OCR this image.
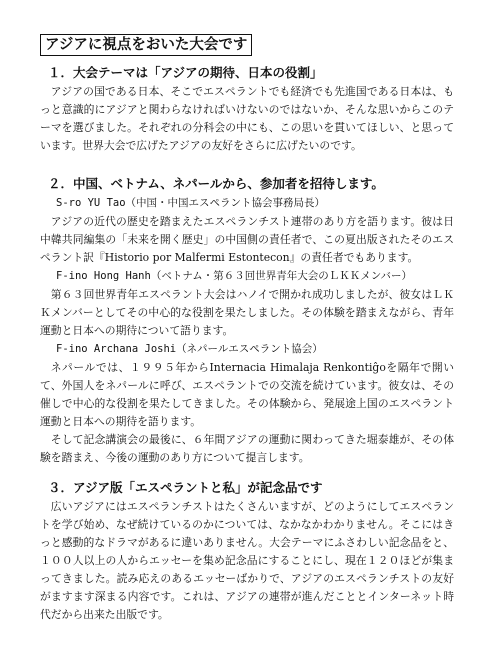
アジアに視点をおいた大会です
１．大会テーマは「アジアの期待、日本の役割」

アジアの国である日本、そこでエスペラントでも経済でも先進国である日本は、もっと意識的にアジアと関わらなければいけないのではないか、そんな思いからこのテーマを選びました。それぞれの分科会の中にも、この思いを貫いてほしい、と思っています。世界大会で広げたアジアの友好をさらに広げたいのです。

２．中国、ベトナム、ネパールから、参加者を招待します。
S-ro YU Tao（中国・中国エスペラント協会事務局長）

アジアの近代の歴史を踏まえたエスペランチスト連帯のあり方を語ります。彼は日中韓共同編集の「未来を開く歴史」の中国側の責任者で、この夏出版されたそのエスペラント訳『Historio por Malfermi Estontecon』の責任者でもあります。

F-ino Hong Hanh（ベトナム・第６３回世界青年大会のＬＫＫメンバー）

第６３回世界青年エスペラント大会はハノイで開かれ成功しましたが、彼女はＬＫＫメンバーとしてその中心的な役割を果たしました。その体験を踏まえながら、青年運動と日本への期待について語ります。

F-ino Archana Joshi（ネパールエスペラント協会）

ネパールでは、１９９５年からInternacia Himalaja Renkontiĝoを隔年で開いて、外国人をネパールに呼び、エスペラントでの交流を続けています。彼女は、その催しで中心的な役割を果たしてきました。その体験から、発展途上国のエスペラント運動と日本への期待を語ります。

そして記念講演会の最後に、６年間アジアの運動に関わってきた堀泰雄が、その体験を踏まえ、今後の運動のあり方について提言します。

３．アジア版「エスペラントと私」が記念品です

広いアジアにはエスペランチストはたくさんいますが、どのようにしてエスペラントを学び始め、なぜ続けているのかについては、なかなかわかりません。そこにはきっと感動的なドラマがあるに違いありません。大会テーマにふさわしい記念品をと、１００人以上の人からエッセーを集め記念品にすることにし、現在１２０ほどが集まってきました。読み応えのあるエッセーばかりで、アジアのエスペランチストの友好がますます深まる内容です。これは、アジアの連帯が進んだこととインターネット時代だから出来た出版です。
